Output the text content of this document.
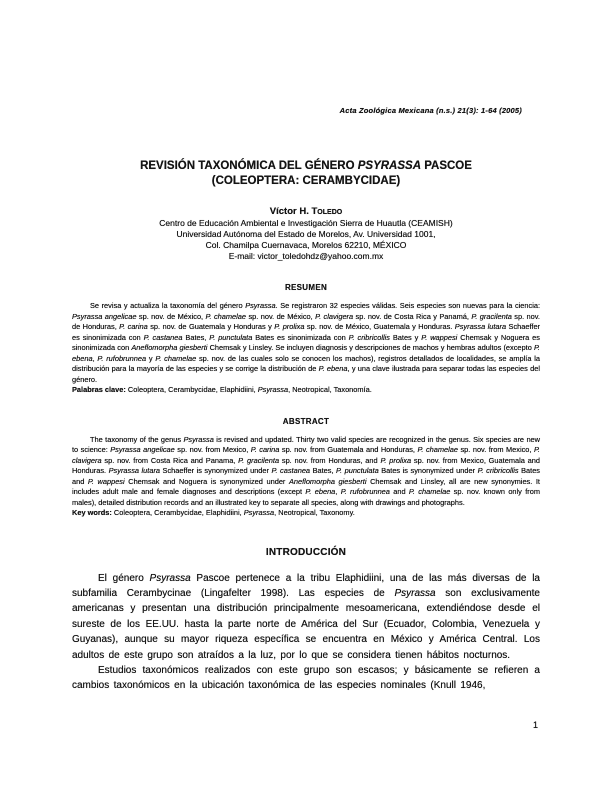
Acta Zoológica Mexicana (n.s.) 21(3): 1-64 (2005)
REVISIÓN TAXONÓMICA DEL GÉNERO PSYRASSA PASCOE
(COLEOPTERA: CERAMBYCIDAE)
Víctor H. Toledo
Centro de Educación Ambiental e Investigación Sierra de Huautla (CEAMISH)
Universidad Autónoma del Estado de Morelos, Av. Universidad 1001,
Col. Chamilpa Cuernavaca, Morelos 62210, MÉXICO
E-mail: victor_toledohdz@yahoo.com.mx
RESUMEN
Se revisa y actualiza la taxonomía del género Psyrassa. Se registraron 32 especies válidas. Seis especies son nuevas para la ciencia: Psyrassa angelicae sp. nov. de México, P. chamelae sp. nov. de México, P. clavigera sp. nov. de Costa Rica y Panamá, P. gracilenta sp. nov. de Honduras, P. carina sp. nov. de Guatemala y Honduras y P. prolixa sp. nov. de México, Guatemala y Honduras. Psyrassa lutara Schaeffer es sinonimizada con P. castanea Bates, P. punctulata Bates es sinonimizada con P. cribricollis Bates y P. wappesi Chemsak y Noguera es sinonimizada con Aneflomorpha giesberti Chemsak y Linsley. Se incluyen diagnosis y descripciones de machos y hembras adultos (excepto P. ebena, P. rufobrunnea y P. chamelae sp. nov. de las cuales solo se conocen los machos), registros detallados de localidades, se amplía la distribución para la mayoría de las especies y se corrige la distribución de P. ebena, y una clave ilustrada para separar todas las especies del género.
Palabras clave: Coleoptera, Cerambycidae, Elaphidiini, Psyrassa, Neotropical, Taxonomía.
ABSTRACT
The taxonomy of the genus Psyrassa is revised and updated. Thirty two valid species are recognized in the genus. Six species are new to science: Psyrassa angelicae sp. nov. from Mexico, P. carina sp. nov. from Guatemala and Honduras, P. chamelae sp. nov. from Mexico, P. clavigera sp. nov. from Costa Rica and Panama, P. gracilenta sp. nov. from Honduras, and P. prolixa sp. nov. from Mexico, Guatemala and Honduras. Psyrassa lutara Schaeffer is synonymized under P. castanea Bates, P. punctulata Bates is synonymized under P. cribricollis Bates and P. wappesi Chemsak and Noguera is synonymized under Aneflomorpha giesberti Chemsak and Linsley, all are new synonymies. It includes adult male and female diagnoses and descriptions (except P. ebena, P. rufobrunnea and P. chamelae sp. nov. known only from males), detailed distribution records and an illustrated key to separate all species, along with drawings and photographs.
Key words: Coleoptera, Cerambycidae, Elaphidiini, Psyrassa, Neotropical, Taxonomy.
INTRODUCCIÓN
El género Psyrassa Pascoe pertenece a la tribu Elaphidiini, una de las más diversas de la subfamilia Cerambycinae (Lingafelter 1998). Las especies de Psyrassa son exclusivamente americanas y presentan una distribución principalmente mesoamericana, extendiéndose desde el sureste de los EE.UU. hasta la parte norte de América del Sur (Ecuador, Colombia, Venezuela y Guyanas), aunque su mayor riqueza específica se encuentra en México y América Central. Los adultos de este grupo son atraídos a la luz, por lo que se considera tienen hábitos nocturnos.
Estudios taxonómicos realizados con este grupo son escasos; y básicamente se refieren a cambios taxonómicos en la ubicación taxonómica de las especies nominales (Knull 1946,
1
